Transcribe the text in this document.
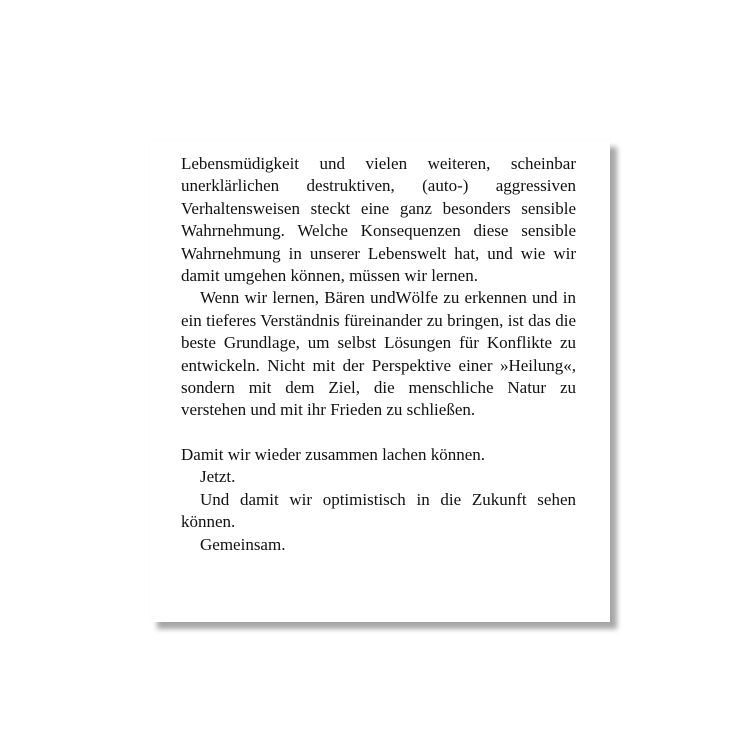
Lebensmüdigkeit und vielen weiteren, scheinbar unerklärlichen destruktiven, (auto-) aggressiven Verhaltensweisen steckt eine ganz besonders sensible Wahrnehmung. Welche Konsequenzen diese sensible Wahrnehmung in unserer Lebenswelt hat, und wie wir damit umgehen können, müssen wir lernen.

Wenn wir lernen, Bären undWölfe zu erkennen und in ein tieferes Verständnis füreinander zu bringen, ist das die beste Grundlage, um selbst Lösungen für Konflikte zu entwickeln. Nicht mit der Perspektive einer »Heilung«, sondern mit dem Ziel, die menschliche Natur zu verstehen und mit ihr Frieden zu schließen.

Damit wir wieder zusammen lachen können.

Jetzt.

Und damit wir optimistisch in die Zukunft sehen können.

Gemeinsam.
